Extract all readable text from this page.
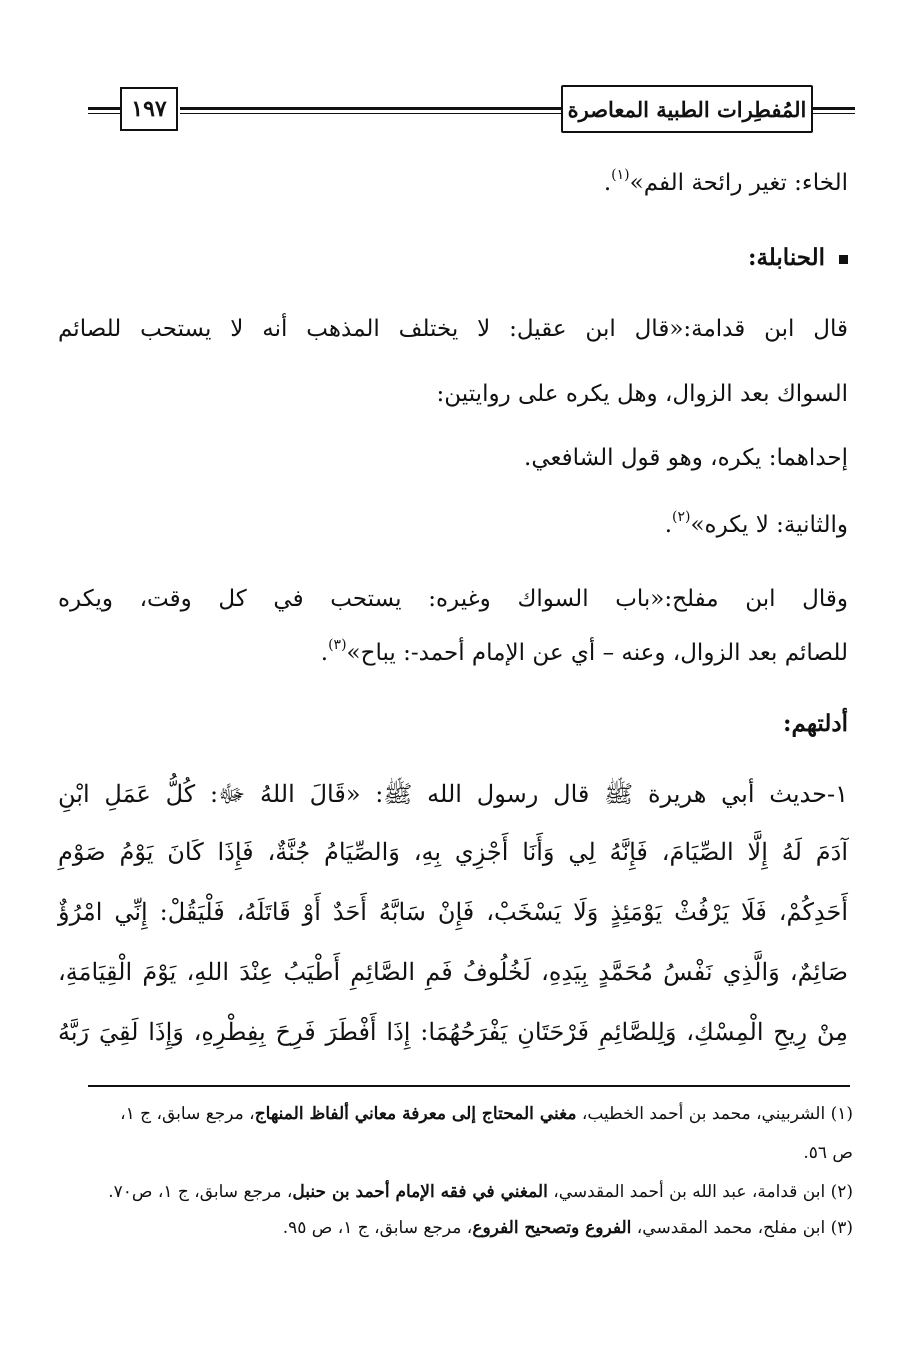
المُفطِرات الطبية المعاصرة
١٩٧
الخاء: تغير رائحة الفم»$^{(١)}$.
الحنابلة:
قال ابن قدامة:«قال ابن عقيل: لا يختلف المذهب أنه لا يستحب للصائم
السواك بعد الزوال، وهل يكره على روايتين:
إحداهما: يكره، وهو قول الشافعي.
والثانية: لا يكره»$^{(٢)}$.
وقال ابن مفلح:«باب السواك وغيره: يستحب في كل وقت، ويكره
للصائم بعد الزوال، وعنه – أي عن الإمام أحمد-: يباح»$^{(٣)}$.
أدلتهم:
١-حديث أبي هريرة ﷺ قال رسول الله ﷺ: «قَالَ اللهُ ﷻ: كُلُّ عَمَلِ ابْنِ
آدَمَ لَهُ إِلَّا الصِّيَامَ، فَإِنَّهُ لِي وَأَنَا أَجْزِي بِهِ، وَالصِّيَامُ جُنَّةٌ، فَإِذَا كَانَ يَوْمُ صَوْمِ
أَحَدِكُمْ، فَلَا يَرْفُثْ يَوْمَئِذٍ وَلَا يَسْخَبْ، فَإِنْ سَابَّهُ أَحَدٌ أَوْ قَاتَلَهُ، فَلْيَقُلْ: إِنِّي امْرُؤٌ
صَائِمٌ، وَالَّذِي نَفْسُ مُحَمَّدٍ بِيَدِهِ، لَخُلُوفُ فَمِ الصَّائِمِ أَطْيَبُ عِنْدَ اللهِ، يَوْمَ الْقِيَامَةِ،
مِنْ رِيحِ الْمِسْكِ، وَلِلصَّائِمِ فَرْحَتَانِ يَفْرَحُهُمَا: إِذَا أَفْطَرَ فَرِحَ بِفِطْرِهِ، وَإِذَا لَقِيَ رَبَّهُ
(١) الشربيني، محمد بن أحمد الخطيب، مغني المحتاج إلى معرفة معاني ألفاظ المنهاج، مرجع سابق، ج ١،
ص ٥٦.
(٢) ابن قدامة، عبد الله بن أحمد المقدسي، المغني في فقه الإمام أحمد بن حنبل، مرجع سابق، ج ١، ص٧٠.
(٣) ابن مفلح، محمد المقدسي، الفروع وتصحيح الفروع، مرجع سابق، ج ١، ص ٩٥.
